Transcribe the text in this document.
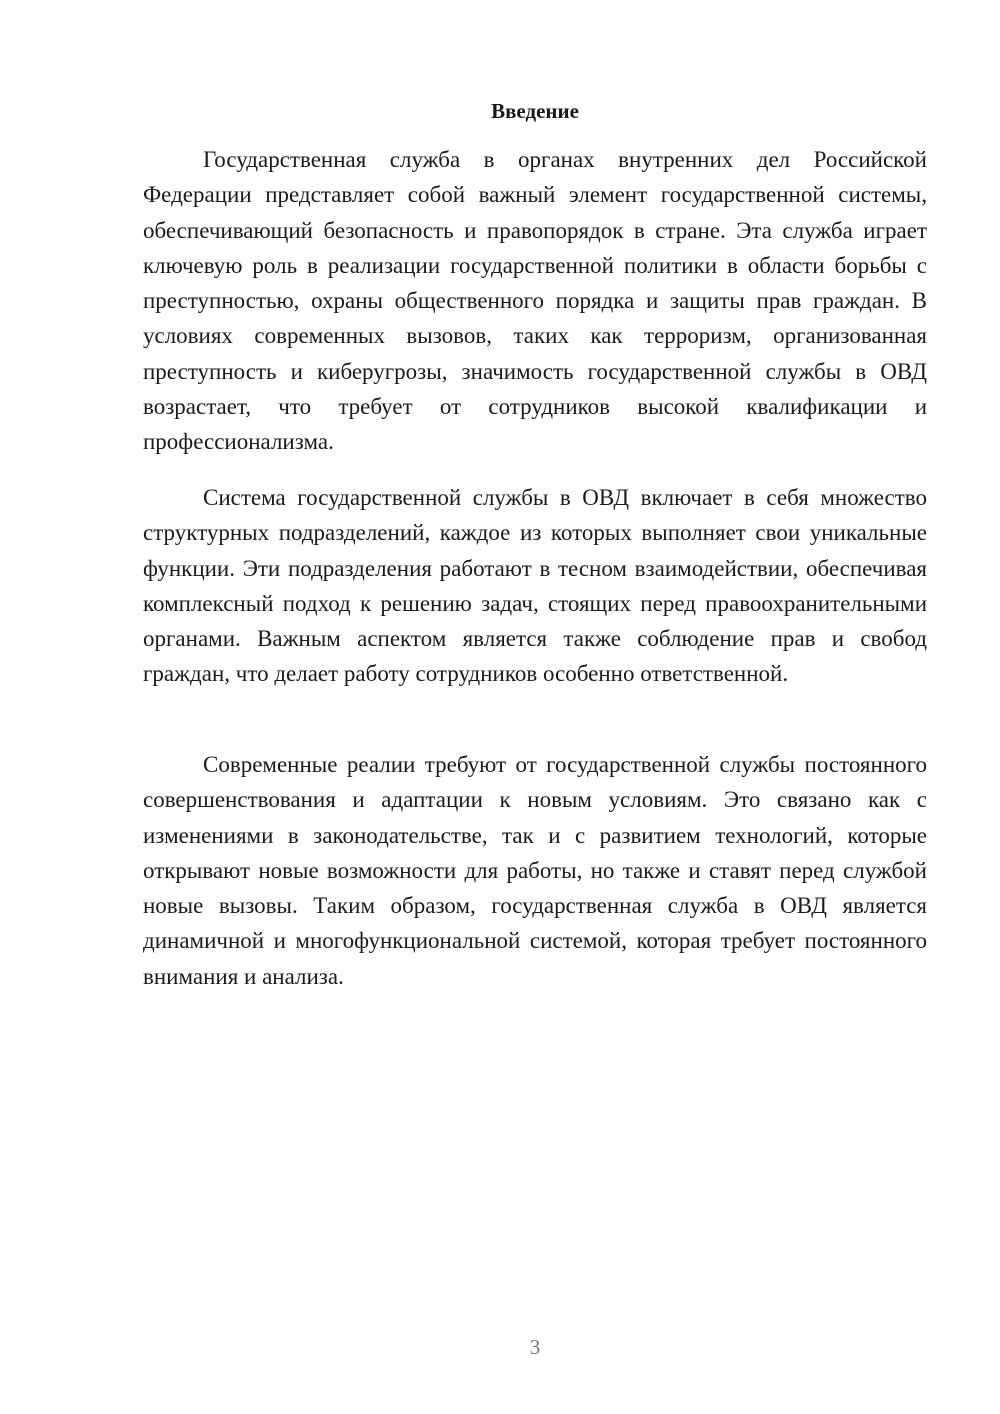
Введение

Государственная служба в органах внутренних дел Российской Федерации представляет собой важный элемент государственной системы, обеспечивающий безопасность и правопорядок в стране. Эта служба играет ключевую роль в реализации государственной политики в области борьбы с преступностью, охраны общественного порядка и защиты прав граждан. В условиях современных вызовов, таких как терроризм, организованная преступность и киберугрозы, значимость государственной службы в ОВД возрастает, что требует от сотрудников высокой квалификации и профессионализма.

Система государственной службы в ОВД включает в себя множество структурных подразделений, каждое из которых выполняет свои уникальные функции. Эти подразделения работают в тесном взаимодействии, обеспечивая комплексный подход к решению задач, стоящих перед правоохранительными органами. Важным аспектом является также соблюдение прав и свобод граждан, что делает работу сотрудников особенно ответственной.

Современные реалии требуют от государственной службы постоянного совершенствования и адаптации к новым условиям. Это связано как с изменениями в законодательстве, так и с развитием технологий, которые открывают новые возможности для работы, но также и ставят перед службой новые вызовы. Таким образом, государственная служба в ОВД является динамичной и многофункциональной системой, которая требует постоянного внимания и анализа.

3
